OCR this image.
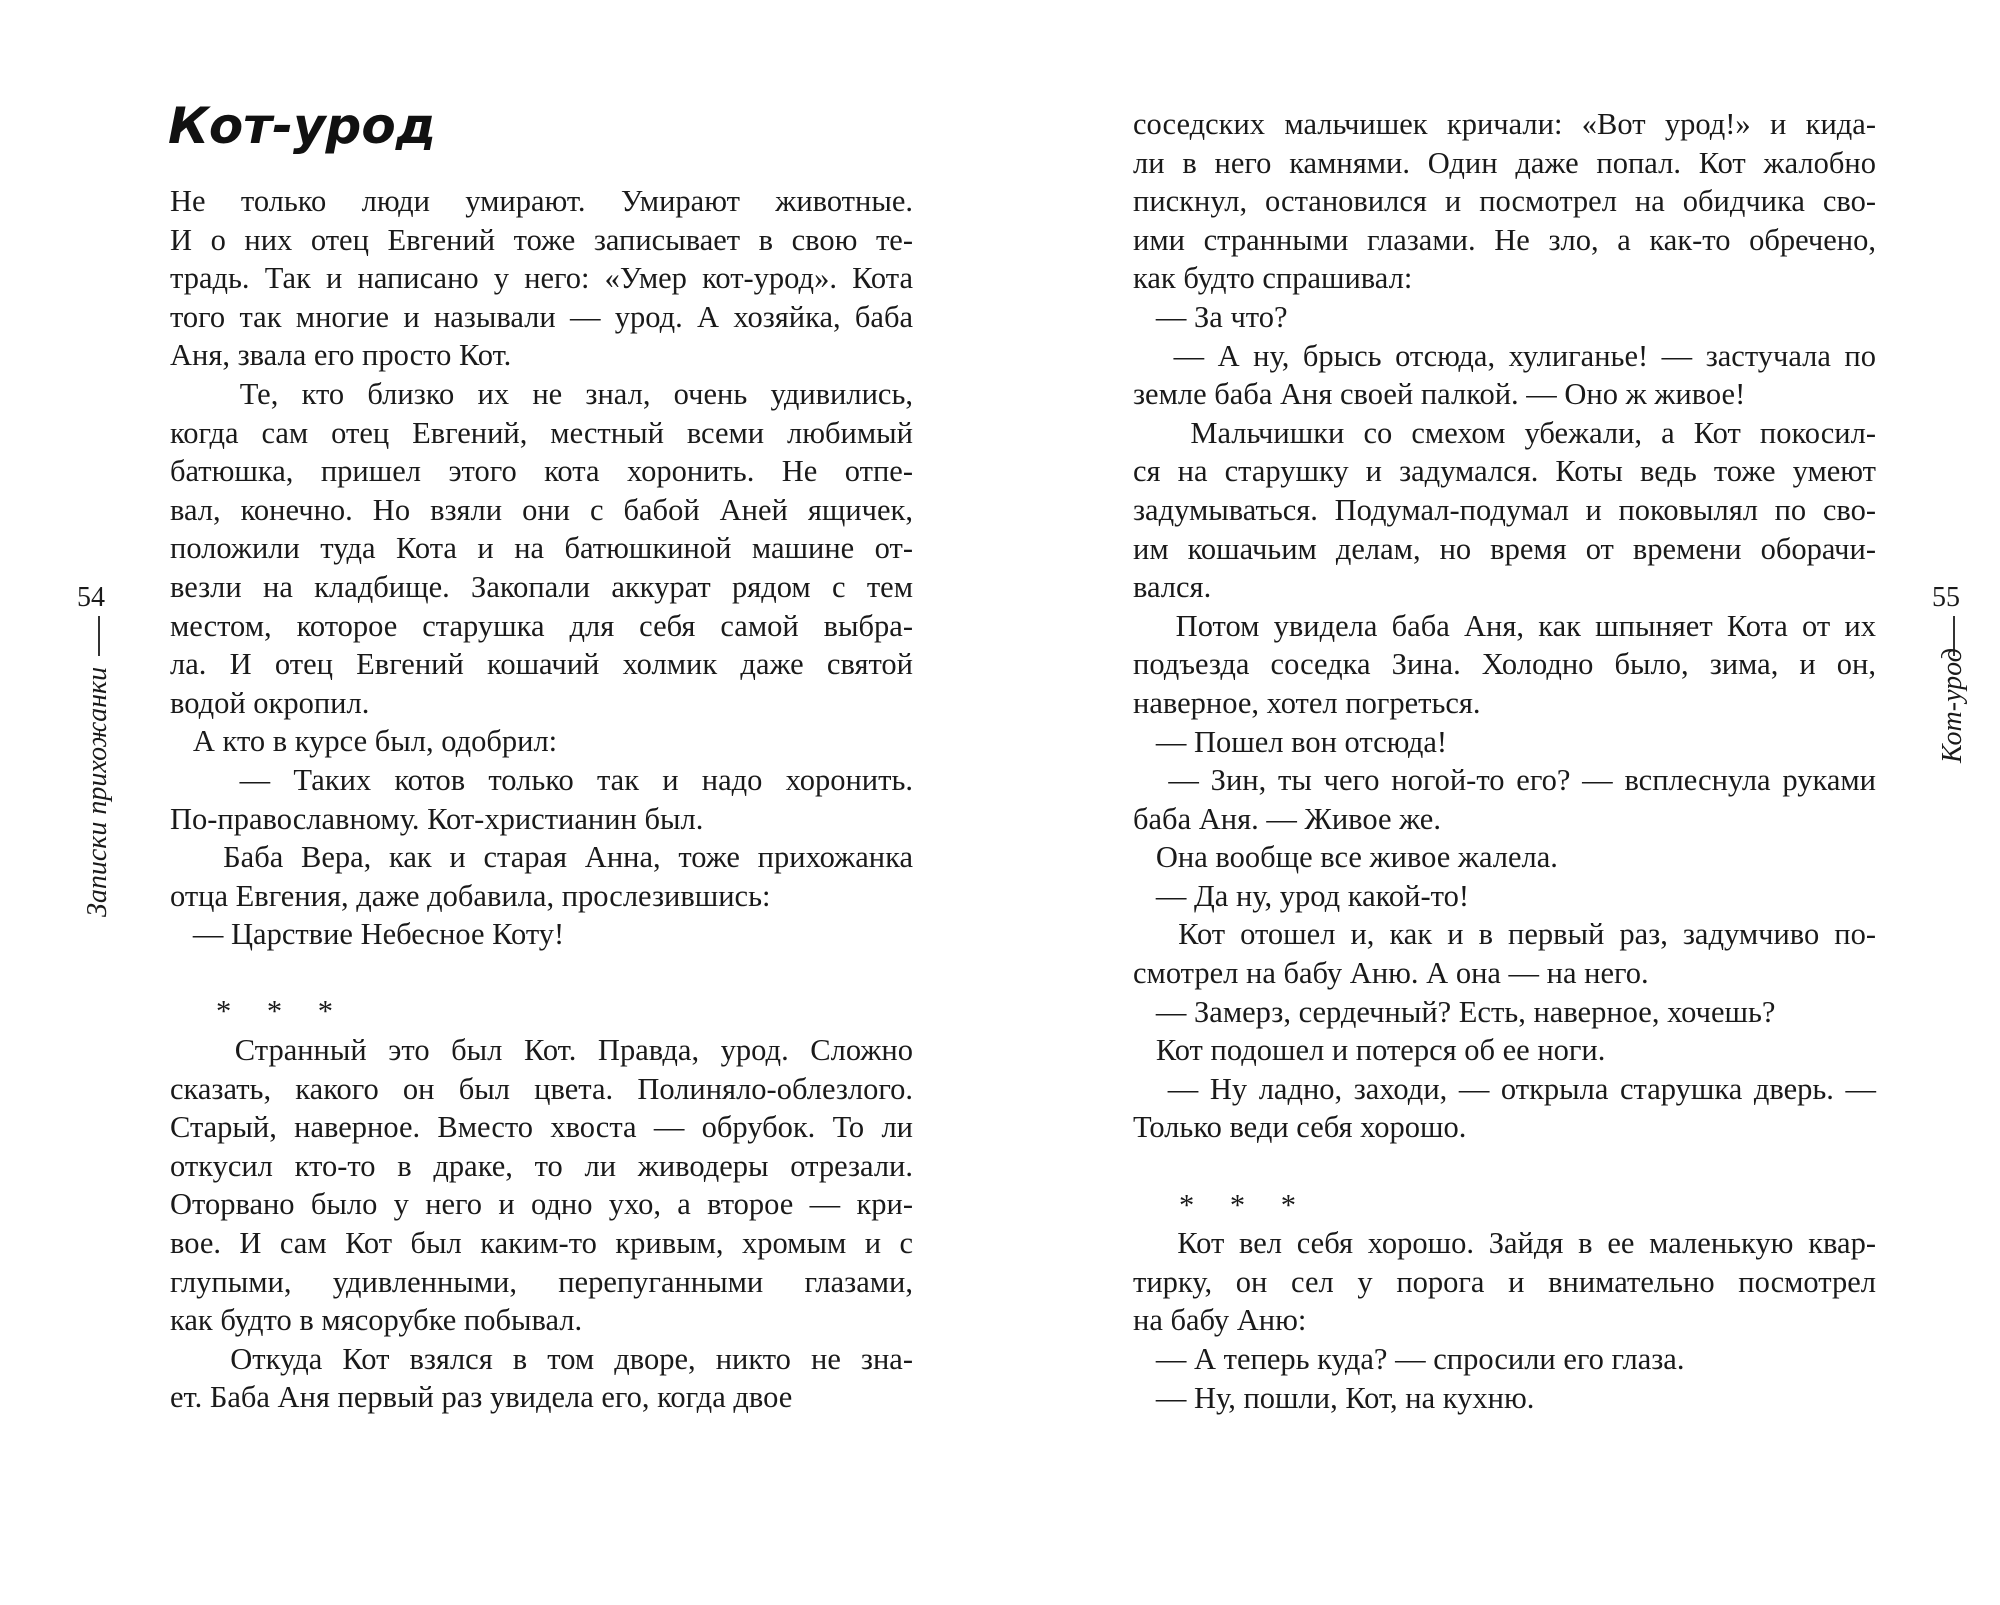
Кот-урод
54
Записки прихожанки
55
Кот-урод

Не только люди умирают. Умирают животные.

И о них отец Евгений тоже записывает в свою те-

традь. Так и написано у него: «Умер кот-урод». Кота

того так многие и называли — урод. А хозяйка, баба

Аня, звала его просто Кот.

Те, кто близко их не знал, очень удивились,

когда сам отец Евгений, местный всеми любимый

батюшка, пришел этого кота хоронить. Не отпе-

вал, конечно. Но взяли они с бабой Аней ящичек,

положили туда Кота и на батюшкиной машине от-

везли на кладбище. Закопали аккурат рядом с тем

местом, которое старушка для себя самой выбра-

ла. И отец Евгений кошачий холмик даже святой

водой окропил.

А кто в курсе был, одобрил:

— Таких котов только так и надо хоронить.

По-православному. Кот-христианин был.

Баба Вера, как и старая Анна, тоже прихожанка

отца Евгения, даже добавила, прослезившись:

— Царствие Небесное Коту!

* * *

Странный это был Кот. Правда, урод. Сложно

сказать, какого он был цвета. Полиняло-облезлого.

Старый, наверное. Вместо хвоста — обрубок. То ли

откусил кто-то в драке, то ли живодеры отрезали.

Оторвано было у него и одно ухо, а второе — кри-

вое. И сам Кот был каким-то кривым, хромым и с

глупыми, удивленными, перепуганными глазами,

как будто в мясорубке побывал.

Откуда Кот взялся в том дворе, никто не зна-

ет. Баба Аня первый раз увидела его, когда двое

соседских мальчишек кричали: «Вот урод!» и кида-

ли в него камнями. Один даже попал. Кот жалобно

пискнул, остановился и посмотрел на обидчика сво-

ими странными глазами. Не зло, а как-то обречено,

как будто спрашивал:

— За что?

— А ну, брысь отсюда, хулиганье! — застучала по

земле баба Аня своей палкой. — Оно ж живое!

Мальчишки со смехом убежали, а Кот покосил-

ся на старушку и задумался. Коты ведь тоже умеют

задумываться. Подумал-подумал и поковылял по сво-

им кошачьим делам, но время от времени оборачи-

вался.

Потом увидела баба Аня, как шпыняет Кота от их

подъезда соседка Зина. Холодно было, зима, и он,

наверное, хотел погреться.

— Пошел вон отсюда!

— Зин, ты чего ногой-то его? — всплеснула руками

баба Аня. — Живое же.

Она вообще все живое жалела.

— Да ну, урод какой-то!

Кот отошел и, как и в первый раз, задумчиво по-

смотрел на бабу Аню. А она — на него.

— Замерз, сердечный? Есть, наверное, хочешь?

Кот подошел и потерся об ее ноги.

— Ну ладно, заходи, — открыла старушка дверь. —

Только веди себя хорошо.

* * *

Кот вел себя хорошо. Зайдя в ее маленькую квар-

тирку, он сел у порога и внимательно посмотрел

на бабу Аню:

— А теперь куда? — спросили его глаза.

— Ну, пошли, Кот, на кухню.
